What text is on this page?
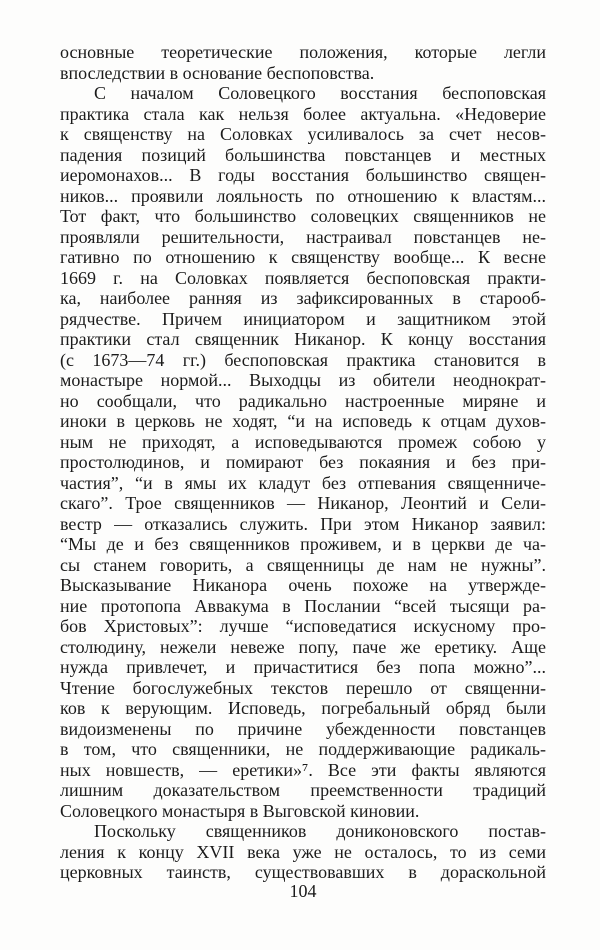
основные теоретические положения, которые легли
впоследствии в основание беспоповства.
С началом Соловецкого восстания беспоповская
практика стала как нельзя более актуальна. «Недоверие
к священству на Соловках усиливалось за счет несов-
падения позиций большинства повстанцев и местных
иеромонахов... В годы восстания большинство священ-
ников... проявили лояльность по отношению к властям...
Тот факт, что большинство соловецких священников не
проявляли решительности, настраивал повстанцев не-
гативно по отношению к священству вообще... К весне
1669 г. на Соловках появляется беспоповская практи-
ка, наиболее ранняя из зафиксированных в старооб-
рядчестве. Причем инициатором и защитником этой
практики стал священник Никанор. К концу восстания
(с 1673—74 гг.) беспоповская практика становится в
монастыре нормой... Выходцы из обители неоднократ-
но сообщали, что радикально настроенные миряне и
иноки в церковь не ходят, “и на исповедь к отцам духов-
ным не приходят, а исповедываются промеж собою у
простолюдинов, и помирают без покаяния и без при-
частия”, “и в ямы их кладут без отпевания священниче-
скаго”. Трое священников — Никанор, Леонтий и Сели-
вестр — отказались служить. При этом Никанор заявил:
“Мы де и без священников проживем, и в церкви де ча-
сы станем говорить, а священницы де нам не нужны”.
Высказывание Никанора очень похоже на утвержде-
ние протопопа Аввакума в Послании “всей тысящи ра-
бов Христовых”: лучше “исповедатися искусному про-
столюдину, нежели невеже попу, паче же еретику. Аще
нужда привлечет, и причаститися без попа можно”...
Чтение богослужебных текстов перешло от священни-
ков к верующим. Исповедь, погребальный обряд были
видоизменены по причине убежденности повстанцев
в том, что священники, не поддерживающие радикаль-
ных новшеств, — еретики»⁷. Все эти факты являются
лишним доказательством преемственности традиций
Соловецкого монастыря в Выговской киновии.
Поскольку священников дониконовского постав-
ления к концу XVII века уже не осталось, то из семи
церковных таинств, существовавших в дораскольной
104
